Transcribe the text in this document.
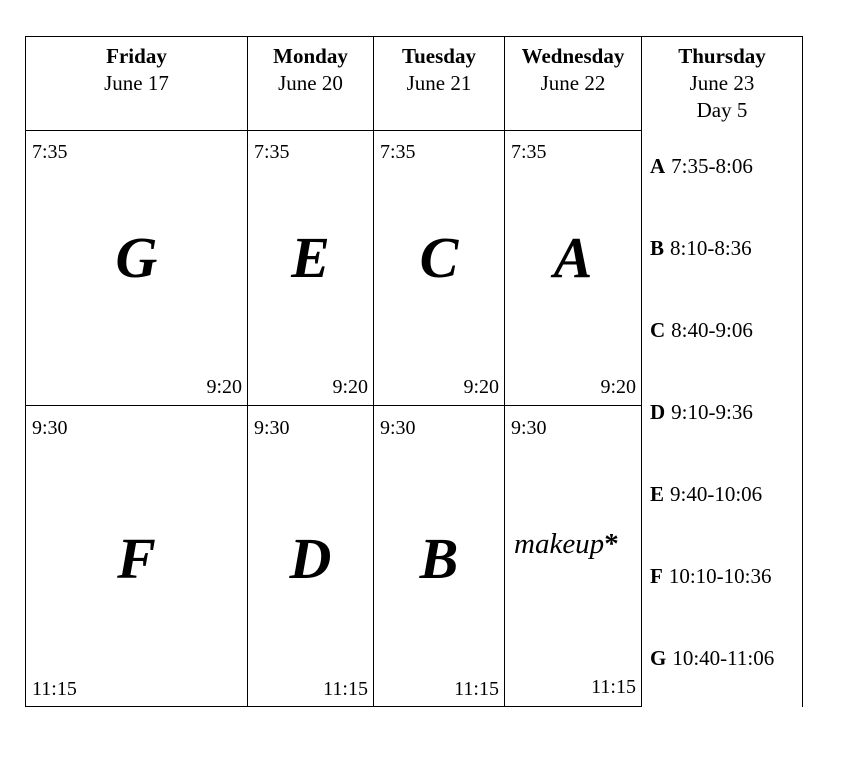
Friday
June 17
7:35
G
9:20
9:30
F
11:15
Monday
June 20
7:35
E
9:20
9:30
D
11:15
Tuesday
June 21
7:35
C
9:20
9:30
B
11:15
Wednesday
June 22
7:35
A
9:20
9:30
makeup*
11:15
Thursday
June 23
Day 5
A 7:35-8:06
B 8:10-8:36
C 8:40-9:06
D 9:10-9:36
E 9:40-10:06
F 10:10-10:36
G 10:40-11:06
